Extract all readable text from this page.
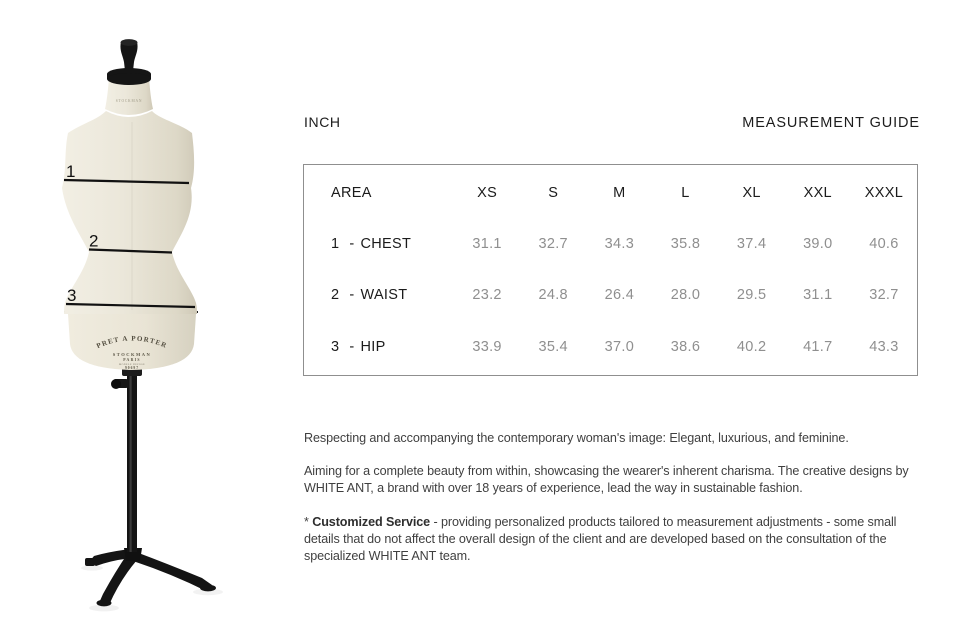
PRET A PORTER
STOCKMAN
PARIS
MODELE DEPOSE
90697
STOCKMAN
1
2
3
INCH	MEASUREMENT GUIDE
AREA	XS	S	M	L	XL	XXL	XXXL
1 - CHEST	31.1	32.7	34.3	35.8	37.4	39.0	40.6
2 - WAIST	23.2	24.8	26.4	28.0	29.5	31.1	32.7
3 - HIP	33.9	35.4	37.0	38.6	40.2	41.7	43.3
Respecting and accompanying the contemporary woman's image: Elegant, luxurious, and feminine.
Aiming for a complete beauty from within, showcasing the wearer's inherent charisma. The creative designs by
WHITE ANT, a brand with over 18 years of experience, lead the way in sustainable fashion.
* Customized Service - providing personalized products tailored to measurement adjustments - some small
details that do not affect the overall design of the client and are developed based on the consultation of the
specialized WHITE ANT team.
